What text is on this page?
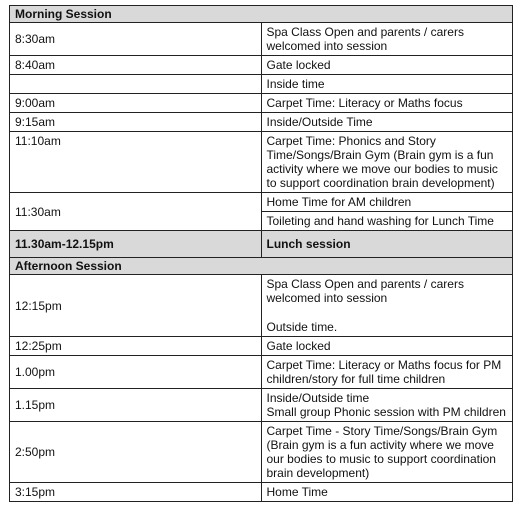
Morning Session	
8:30am	Spa Class Open and parents / carers welcomed into session
8:40am	Gate locked
	Inside time
9:00am	Carpet Time: Literacy or Maths focus
9:15am	Inside/Outside Time
11:10am	Carpet Time: Phonics and Story Time/Songs/Brain Gym (Brain gym is a fun activity where we move our bodies to music to support coordination brain development)
11:30am	Home Time for AM children
	Toileting and hand washing for Lunch Time
11.30am-12.15pm	Lunch session
Afternoon Session	
12:15pm	Spa Class Open and parents / carers welcomed into session
Outside time.
12:25pm	Gate locked
1.00pm	Carpet Time: Literacy or Maths focus for PM children/story for full time children
1.15pm	Inside/Outside time
Small group Phonic session with PM children

2:50pm	Carpet Time - Story Time/Songs/Brain Gym (Brain gym is a fun activity where we move our bodies to music to support coordination brain development)
3:15pm	Home Time
